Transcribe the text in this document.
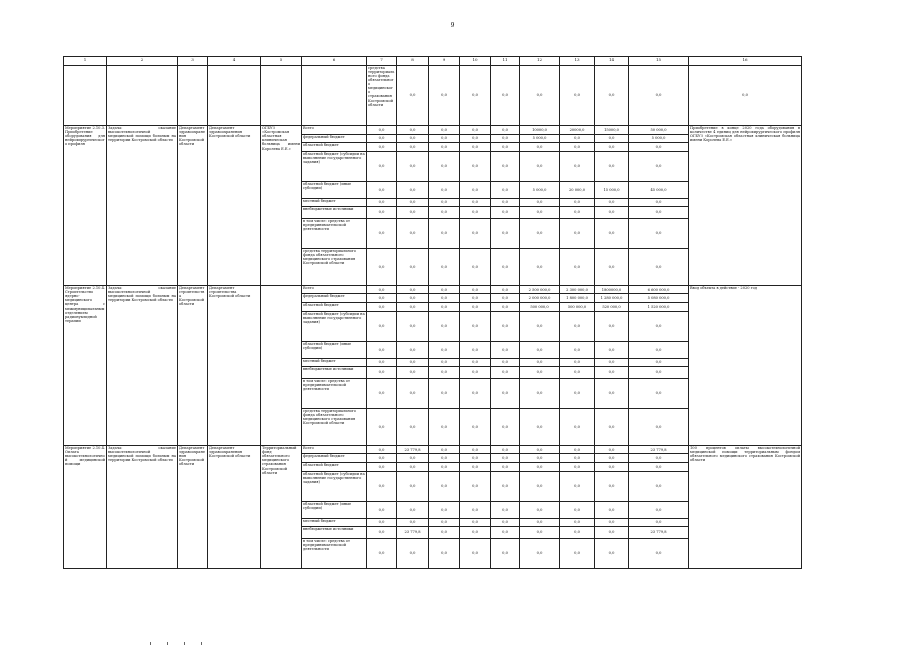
9
1	2	3	4	5	6	7	8	9	10	11	12	13	14	15	16	
						средства территориального фонда обязательного медицинского страхования Костромской области	0,0	0,0	0,0	0,0	0,0	0,0	0,0	0,0	0,0	
Мероприятие 2.10.3. Приобретение оборудования для нейрохирургического профиля	Задача: оказание высокотехнологичной медицинской помощи больным на территории Костромской области	Департамент здравоохранения Костромской области	Департамент здравоохранения Костромской области	ОГБУЗ «Костромская областная клиническая больница имени Королева Е.Е.»	Всего	0,0	0,0	0,0	0,0	0,0	10000,0	20000,0	15000,0	50 000,0	Приобретение в конце 2020 года оборудования в количестве 4 единиц для нейрохирургического профиля ОГБУЗ «Костромская областная клиническая больница имени Королева Е.Е.»	
					федеральный бюджет	0,0	0,0	0,0	0,0	0,0	5 000,0	0,0	0,0	5 000,0		
					областной бюджет	0,0	0,0	0,0	0,0	0,0	0,0	0,0	0,0	0,0		
					областной бюджет (субсидии на выполнение государственного задания)	0,0	0,0	0,0	0,0	0,0	0,0	0,0	0,0	0,0		
					областной бюджет (иные субсидии)	0,0	0,0	0,0	0,0	0,0	5 000,0	20 000,0	15 000,0	45 000,0		
					местный бюджет	0,0	0,0	0,0	0,0	0,0	0,0	0,0	0,0	0,0		
					внебюджетные источники	0,0	0,0	0,0	0,0	0,0	0,0	0,0	0,0	0,0		
					в том числе: средства от предпринимательской деятельности	0,0	0,0	0,0	0,0	0,0	0,0	0,0	0,0	0,0		
					средства территориального фонда обязательного медицинского страхования Костромской области	0,0	0,0	0,0	0,0	0,0	0,0	0,0	0,0	0,0		
Мероприятие 2.10.4. Строительство ядерно-медицинского центра с межмуниципальным отделением радионуклидной терапии	Задача: оказание высокотехнологичной медицинской помощи больным на территории Костромской области	Департамент строительства Костромской области	Департамент строительства Костромской области		Всего	0,0	0,0	0,0	0,0	0,0	2 500 000,0	2 300 000,0	1800000,0	6 600 000,0	Ввод объекта в действие - 2020 год	
					федеральный бюджет	0,0	0,0	0,0	0,0	0,0	2 000 000,0	1 800 000,0	1 280 000,0	5 080 000,0		
					областной бюджет	0,0	0,0	0,0	0,0	0,0	500 000,0	500 000,0	520 000,0	1 520 000,0		
					областной бюджет (субсидии на выполнение государственного задания)	0,0	0,0	0,0	0,0	0,0	0,0	0,0	0,0	0,0		
					областной бюджет (иные субсидии)	0,0	0,0	0,0	0,0	0,0	0,0	0,0	0,0	0,0		
					местный бюджет	0,0	0,0	0,0	0,0	0,0	0,0	0,0	0,0	0,0		
					внебюджетные источники	0,0	0,0	0,0	0,0	0,0	0,0	0,0	0,0	0,0		
					в том числе: средства от предпринимательской деятельности	0,0	0,0	0,0	0,0	0,0	0,0	0,0	0,0	0,0		
					средства территориального фонда обязательного медицинского страхования Костромской области	0,0	0,0	0,0	0,0	0,0	0,0	0,0	0,0	0,0		
Мероприятие 2.10.4. Оплата высокотехнологичной медицинской помощи	Задача: оказание высокотехнологичной медицинской помощи больным на территории Костромской области	Департамент здравоохранения Костромской области	Департамент здравоохранения Костромской области	Территориальный фонд обязательного медицинского страхования Костромской области	Всего	0,0	23 779,8	0,0	0,0	0,0	0,0	0,0	0,0	23 779,8	100 процентов оплаты высокотехнологичной медицинской помощи территориальным фондом обязательного медицинского страхования Костромской области	
					федеральный бюджет	0,0	0,0	0,0	0,0	0,0	0,0	0,0	0,0	0,0		
					областной бюджет	0,0	0,0	0,0	0,0	0,0	0,0	0,0	0,0	0,0		
					областной бюджет (субсидии на выполнение государственного задания)	0,0	0,0	0,0	0,0	0,0	0,0	0,0	0,0	0,0		
					областной бюджет (иные субсидии)	0,0	0,0	0,0	0,0	0,0	0,0	0,0	0,0	0,0		
					местный бюджет	0,0	0,0	0,0	0,0	0,0	0,0	0,0	0,0	0,0		
					внебюджетные источники	0,0	23 779,8	0,0	0,0	0,0	0,0	0,0	0,0	23 779,8		
					в том числе: средства от предпринимательской деятельности	0,0	0,0	0,0	0,0	0,0	0,0	0,0	0,0	0,0		
